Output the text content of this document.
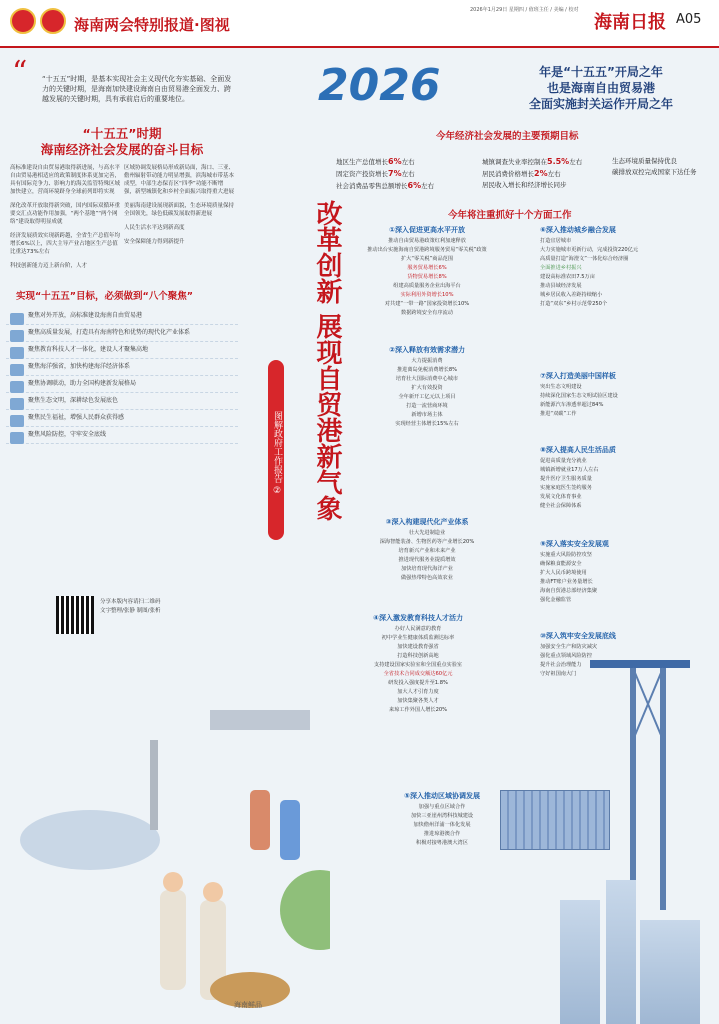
海南两会特别报道·图视
2026年1月29日 星期四 / 值班主任 / 美编 / 校对
海南日报 A05
2026	年是“十五五”开局之年
也是海南自由贸易港
全面实施封关运作开局之年
“ “十五五”时期，是基本实现社会主义现代化夯实基础、全面发力的关键时期，是海南加快建设海南自由贸易港全面发力、跨越发展的关键时期，具有承前启后的重要地位。
“十五五”时期
海南经济社会发展的奋斗目标
高标准建设自由贸易港取得新进展，与高水平自由贸易港相适应的政策制度体系更加完善，具有国际竞争力、影响力的海关监管特殊区域加快建立，营商环境跻身全球前列即将实现
深化改革开放取得新突破，国内国际双循环重要交汇点功能作用加强，“两个基地”“两个网络”建设取得明显成就
经济发展质效实现新跨越，全省生产总值年均增长6%以上，四大主导产业占地区生产总值比重达73%左右
科技创新能力迈上新台阶，人才
区域协调发展格局形成新局面，海口、三亚、儋州辐射带动能力明显增强，滨海城市带基本成型，中部生态保育区“四季”功能不断增强，新型城镇化和乡村全面振兴取得重大进展
美丽海南建设展现新面貌，生态环境质量保持全国领先，绿色低碳发展取得新进展
人民生活水平达到新高度
安全保障能力得到新提升
实现“十五五”目标，必须做到“八个聚焦”
聚焦对外开放，高标准建设海南自由贸易港
聚焦高质量发展，打造具有海南特色和优势的现代化产业体系
聚焦教育科技人才一体化，建设人才聚集高地
聚焦海洋强省，加快构建海洋经济体系
聚焦协调联动，助力全国构建新发展格局
聚焦生态文明，深耕绿色发展底色
聚焦民生福祉，增强人民群众获得感
聚焦风险防控，守牢安全底线
分享本版内容请扫二维码
文字整理/张静 制图/张析
改革创新 展现自贸港新气象
图解政府工作报告 ②
今年经济社会发展的主要预期目标
地区生产总值增长6%左右
固定资产投资增长7%左右
社会消费品零售总额增长6%左右
城镇调查失业率控制在5.5%左右
居民消费价格增长2%左右
居民收入增长和经济增长同步
生态环境质量保持优良
碳排放双控完成国家下达任务
今年将注重抓好十个方面工作
①深入促进更高水平开放
推动自由贸易港政策红利加速释放
推动出台实施海南自贸港跨境服务贸易“零关税”政策
扩大“零关税”商品范围
服务贸易增长6%
货物贸易增长8%
组建高质量服务企业出海平台
实际利用外资增长10%
对共建“一带一路”国家投资增长10%
数据跨境安全有序流动
②深入释放有效需求潜力
大力提振消费
推进离岛免税消费增长8%
培育壮大国际消费中心城市
扩大有效投资
全年新开工亿元以上项目
打造一流营商环境
新增市场主体
实现经营主体增长15%左右
③深入构建现代化产业体系
壮大先进制造业
深海智能装备、生物医药等产业增长20%
培育新兴产业和未来产业
推进现代服务业提质增效
加快培育现代海洋产业
做强热带特色高效农业
④深入激发教育科技人才活力
办好人民满意的教育
初中学业生健康体质监测达标率
加快建设教育强省
打造科技创新高地
支持建设国家实验室和全国重点实验室
全省技术合同成交额达60亿元
研发投入强度提升至1.8%
加大人才引育力度
加快集聚各类人才
来琼工作外国人增长20%
⑤深入推动区域协调发展
加强与重点区域合作
加快三亚崖州湾科技城建设
加快儋州洋浦一体化发展
推进琼港澳合作
积极对接粤港澳大湾区
⑥深入推动城乡融合发展
打造宜居城市
大力实施城市更新行动，完成投资220亿元
高质量打造“海澄文”一体化综合经济圈
全面推进乡村振兴
建设高标准农田7.5万亩
推动县域经济发展
城乡居民收入差距持续缩小
打造“双东”乡村示范带250个
⑦深入打造美丽中国样板
突出生态文明建设
持续深化国家生态文明试验区建设
新能源汽车渗透率超过84%
推进“双碳”工作
⑧深入提高人民生活品质
促进高质量充分就业
城镇新增就业17万人左右
提升医疗卫生服务质量
实施家庭医生签约服务
发展文化体育事业
健全社会保障体系
⑨深入落实安全发展观
实施重大风险防控攻坚
确保粮食能源安全
扩大人民币跨境使用
推动FT账户业务量增长
海南自贸港总部经济集聚
强化金融监管
⑩深入筑牢安全发展底线
加强安全生产和防灾减灾
强化重点领域风险防控
提升社会治理能力
守好祖国南大门
海南鲜品
